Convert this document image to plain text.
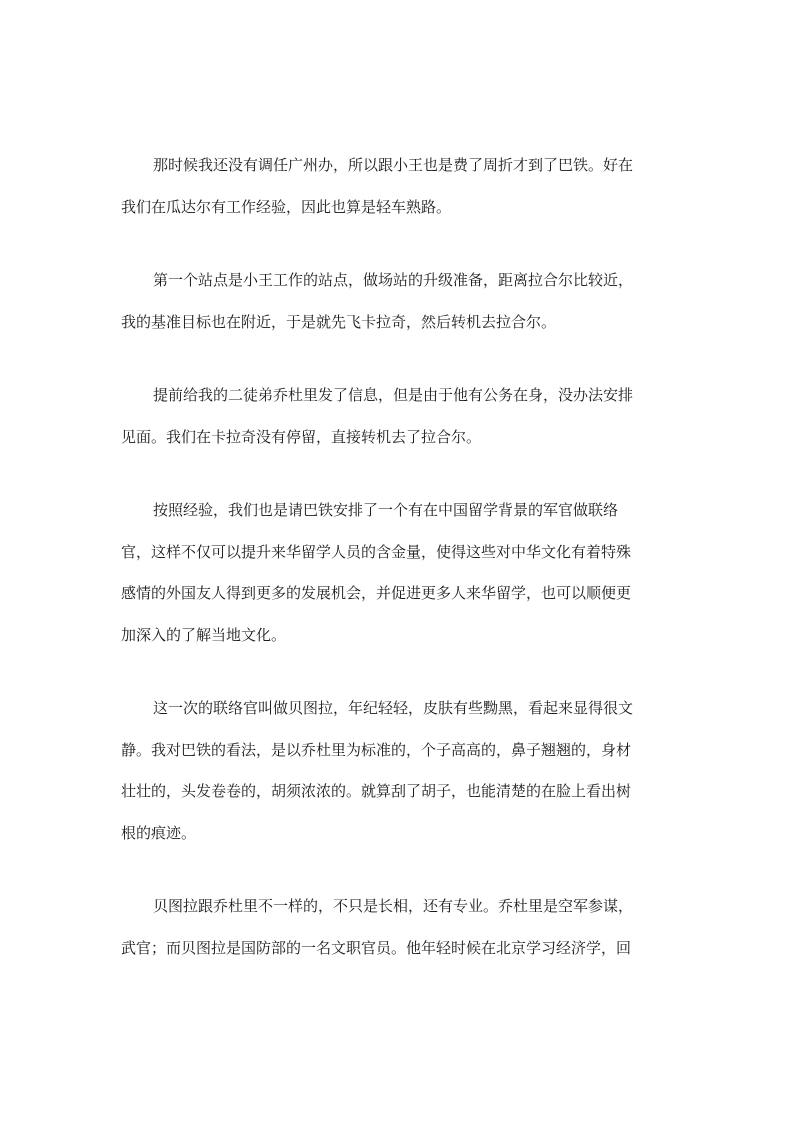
那时候我还没有调任广州办，所以跟小王也是费了周折才到了巴铁。好在
我们在瓜达尔有工作经验，因此也算是轻车熟路。

第一个站点是小王工作的站点，做场站的升级准备，距离拉合尔比较近，
我的基准目标也在附近，于是就先飞卡拉奇，然后转机去拉合尔。

提前给我的二徒弟乔杜里发了信息，但是由于他有公务在身，没办法安排
见面。我们在卡拉奇没有停留，直接转机去了拉合尔。

按照经验，我们也是请巴铁安排了一个有在中国留学背景的军官做联络
官，这样不仅可以提升来华留学人员的含金量，使得这些对中华文化有着特殊
感情的外国友人得到更多的发展机会，并促进更多人来华留学，也可以顺便更
加深入的了解当地文化。

这一次的联络官叫做贝图拉，年纪轻轻，皮肤有些黝黑，看起来显得很文
静。我对巴铁的看法，是以乔杜里为标准的，个子高高的，鼻子翘翘的，身材
壮壮的，头发卷卷的，胡须浓浓的。就算刮了胡子，也能清楚的在脸上看出树
根的痕迹。

贝图拉跟乔杜里不一样的，不只是长相，还有专业。乔杜里是空军参谋，
武官；而贝图拉是国防部的一名文职官员。他年轻时候在北京学习经济学，回
